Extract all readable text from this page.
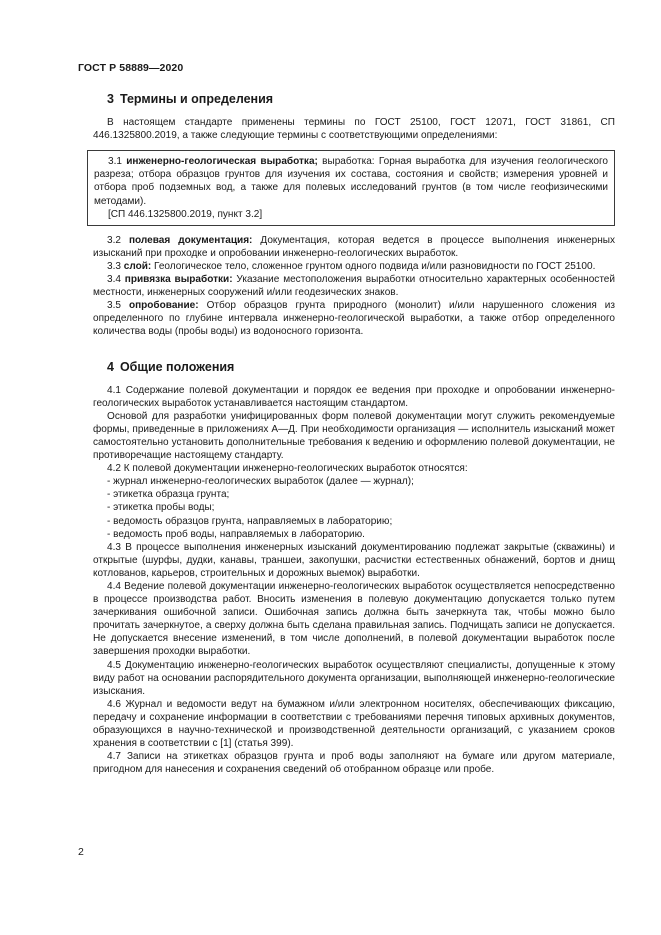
ГОСТ Р 58889—2020
3 Термины и определения

В настоящем стандарте применены термины по ГОСТ 25100, ГОСТ 12071, ГОСТ 31861, СП 446.1325800.2019, а также следующие термины с соответствующими определениями:

3.1 инженерно-геологическая выработка; выработка: Горная выработка для изучения геологического разреза; отбора образцов грунтов для изучения их состава, состояния и свойств; измерения уровней и отбора проб подземных вод, а также для полевых исследований грунтов (в том числе геофизическими методами).

[СП 446.1325800.2019, пункт 3.2]

3.2 полевая документация: Документация, которая ведется в процессе выполнения инженерных изысканий при проходке и опробовании инженерно-геологических выработок.

3.3 слой: Геологическое тело, сложенное грунтом одного подвида и/или разновидности по ГОСТ 25100.

3.4 привязка выработки: Указание местоположения выработки относительно характерных особенностей местности, инженерных сооружений и/или геодезических знаков.

3.5 опробование: Отбор образцов грунта природного (монолит) и/или нарушенного сложения из определенного по глубине интервала инженерно-геологической выработки, а также отбор определенного количества воды (пробы воды) из водоносного горизонта.

4 Общие положения

4.1 Содержание полевой документации и порядок ее ведения при проходке и опробовании инженерно-геологических выработок устанавливается настоящим стандартом.

Основой для разработки унифицированных форм полевой документации могут служить рекомендуемые формы, приведенные в приложениях А—Д. При необходимости организация — исполнитель изысканий может самостоятельно установить дополнительные требования к ведению и оформлению полевой документации, не противоречащие настоящему стандарту.

4.2 К полевой документации инженерно-геологических выработок относятся:

- журнал инженерно-геологических выработок (далее — журнал);

- этикетка образца грунта;

- этикетка пробы воды;

- ведомость образцов грунта, направляемых в лабораторию;

- ведомость проб воды, направляемых в лабораторию.

4.3 В процессе выполнения инженерных изысканий документированию подлежат закрытые (скважины) и открытые (шурфы, дудки, канавы, траншеи, закопушки, расчистки естественных обнажений, бортов и днищ котлованов, карьеров, строительных и дорожных выемок) выработки.

4.4 Ведение полевой документации инженерно-геологических выработок осуществляется непосредственно в процессе производства работ. Вносить изменения в полевую документацию допускается только путем зачеркивания ошибочной записи. Ошибочная запись должна быть зачеркнута так, чтобы можно было прочитать зачеркнутое, а сверху должна быть сделана правильная запись. Подчищать записи не допускается. Не допускается внесение изменений, в том числе дополнений, в полевой документации выработок после завершения проходки выработки.

4.5 Документацию инженерно-геологических выработок осуществляют специалисты, допущенные к этому виду работ на основании распорядительного документа организации, выполняющей инженерно-геологические изыскания.

4.6 Журнал и ведомости ведут на бумажном и/или электронном носителях, обеспечивающих фиксацию, передачу и сохранение информации в соответствии с требованиями перечня типовых архивных документов, образующихся в научно-технической и производственной деятельности организаций, с указанием сроков хранения в соответствии с [1] (статья 399).

4.7 Записи на этикетках образцов грунта и проб воды заполняют на бумаге или другом материале, пригодном для нанесения и сохранения сведений об отобранном образце или пробе.

2
